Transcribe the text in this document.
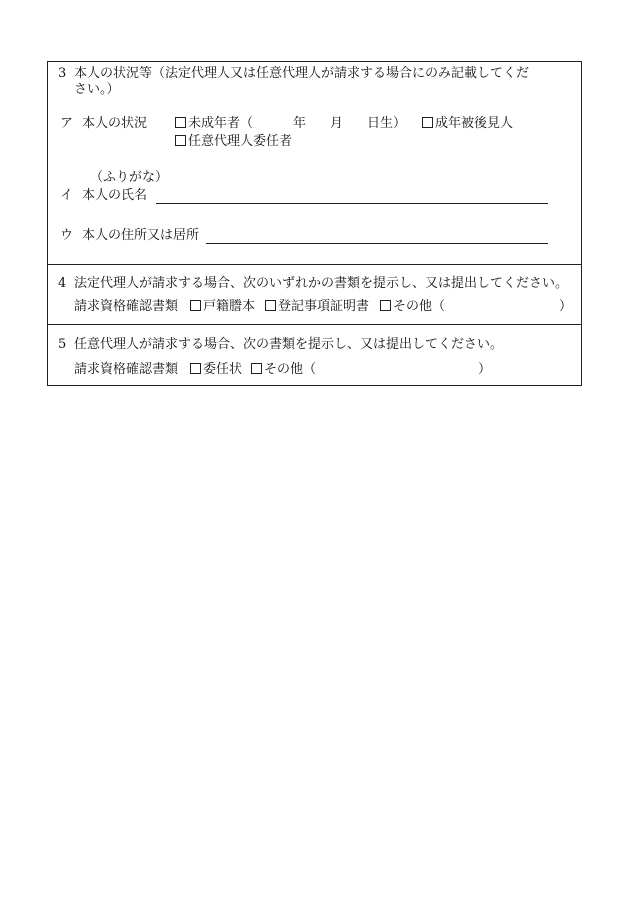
3 本人の状況等（法定代理人又は任意代理人が請求する場合にのみ記載してくだ
さい。）
ア 本人の状況	未成年者（	年 月 日生）	成年被後見人
任意代理人委任者
（ふりがな）
イ 本人の氏名
ウ 本人の住所又は居所
4 法定代理人が請求する場合、次のいずれかの書類を提示し、又は提出してください。
請求資格確認書類	戸籍謄本	登記事項証明書	その他（	）
5 任意代理人が請求する場合、次の書類を提示し、又は提出してください。
請求資格確認書類	委任状	その他（	）
